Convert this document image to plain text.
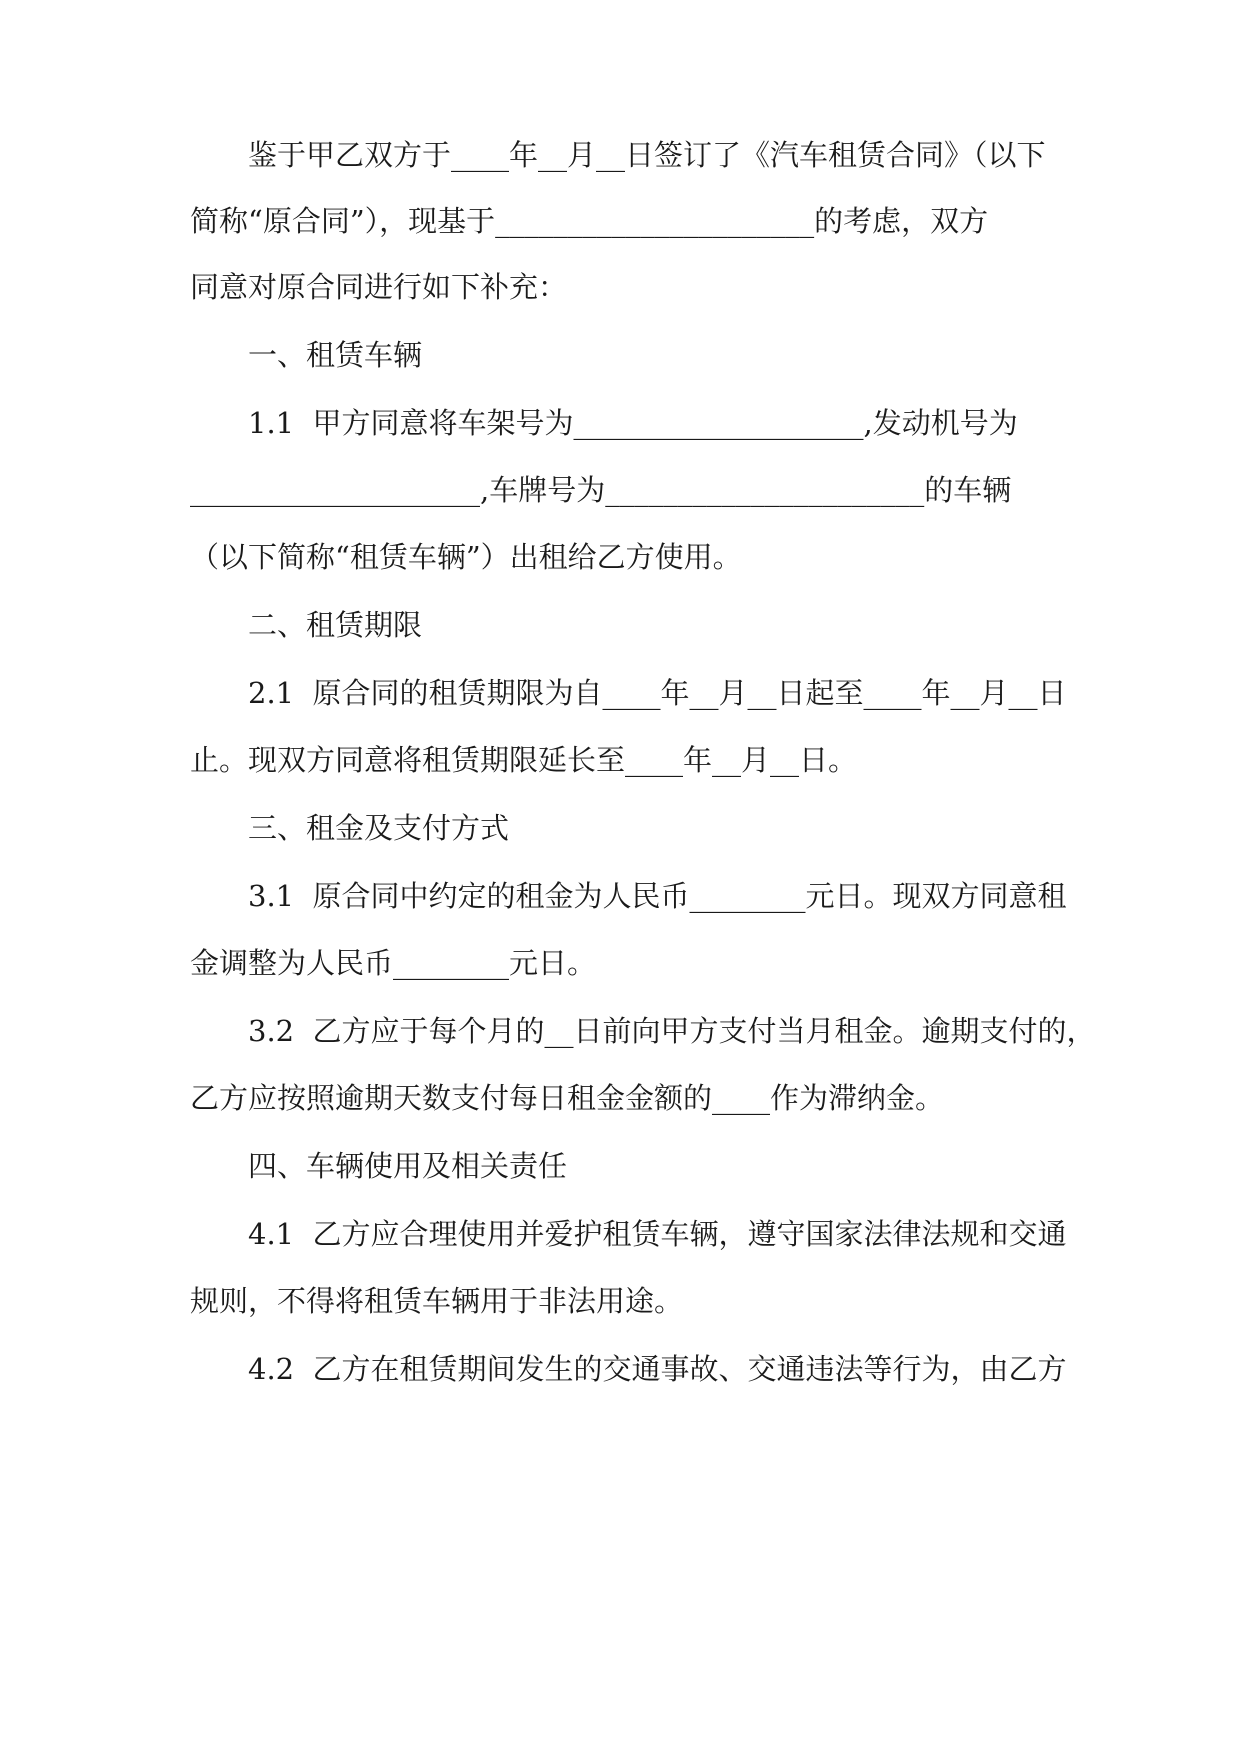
鉴于甲乙双方于____年__月__日签订了《汽车租赁合同》（以下
简称“原合同”），现基于______________________的考虑，双方
同意对原合同进行如下补充：
一、租赁车辆
1.1  甲方同意将车架号为____________________,发动机号为
____________________,车牌号为______________________的车辆
（以下简称“租赁车辆”）出租给乙方使用。
二、租赁期限
2.1  原合同的租赁期限为自____年__月__日起至____年__月__日
止。现双方同意将租赁期限延长至____年__月__日。
三、租金及支付方式
3.1  原合同中约定的租金为人民币________元日。现双方同意租
金调整为人民币________元日。
3.2  乙方应于每个月的__日前向甲方支付当月租金。逾期支付的，
乙方应按照逾期天数支付每日租金金额的____作为滞纳金。
四、车辆使用及相关责任
4.1  乙方应合理使用并爱护租赁车辆，遵守国家法律法规和交通
规则，不得将租赁车辆用于非法用途。
4.2  乙方在租赁期间发生的交通事故、交通违法等行为，由乙方
